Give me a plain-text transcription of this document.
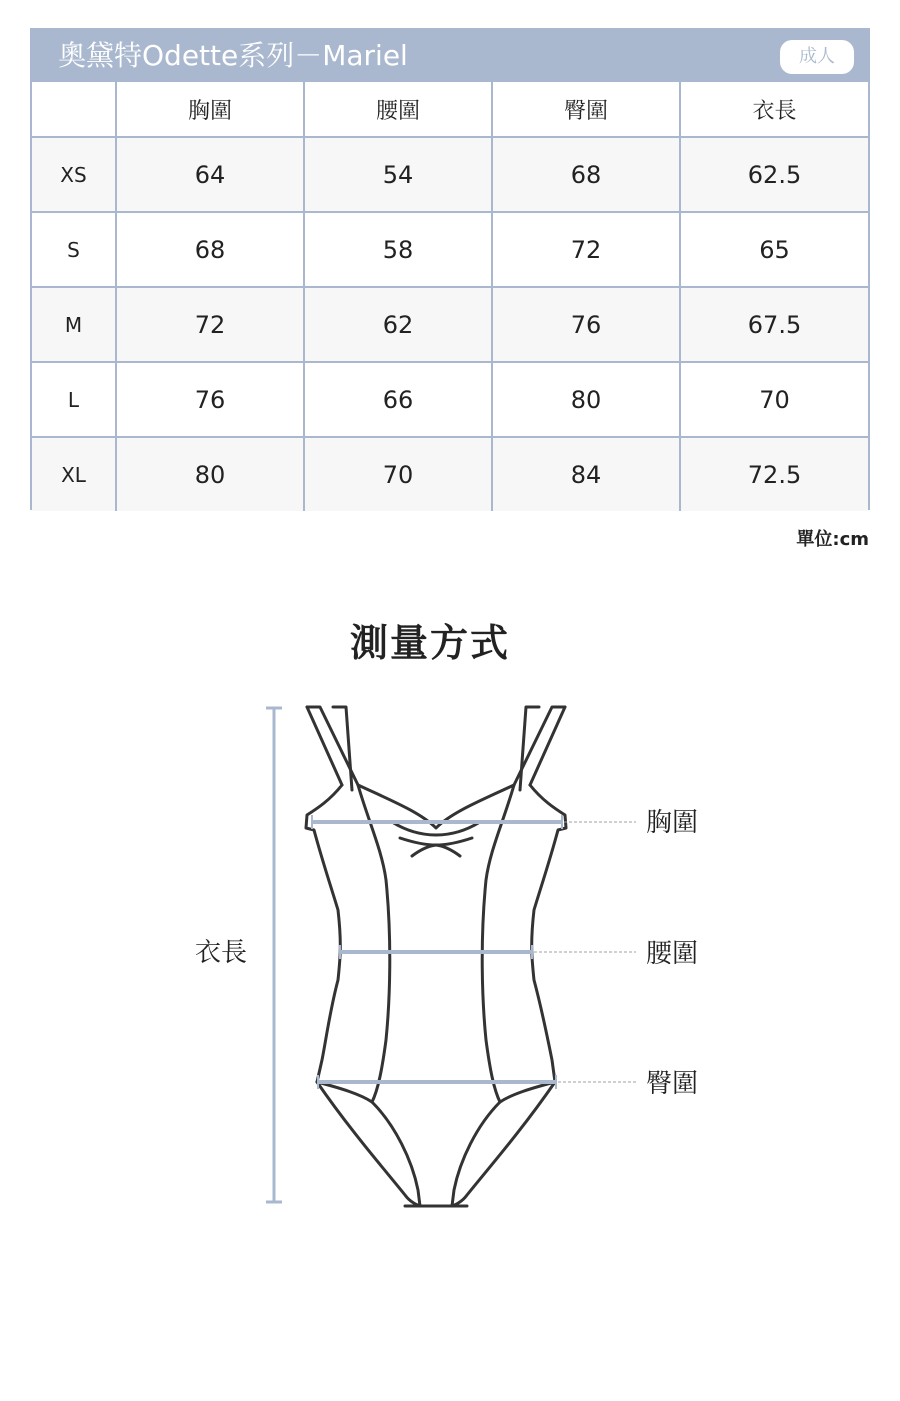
奧黛特Odette系列－Mariel	成人
	胸圍	腰圍	臀圍	衣長
XS	64	54	68	62.5
S	68	58	72	65
M	72	62	76	67.5
L	76	66	80	70
XL	80	70	84	72.5
單位:cm
測量方式
衣長
胸圍
腰圍
臀圍
